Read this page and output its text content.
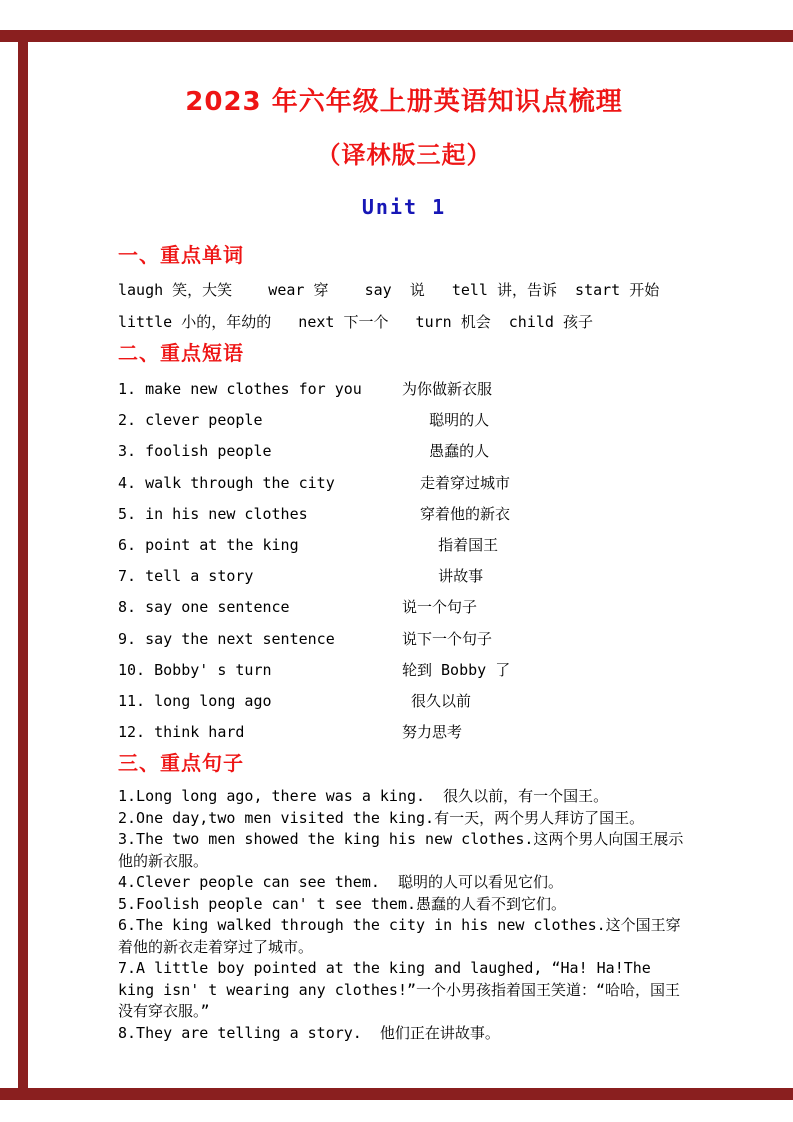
2023 年六年级上册英语知识点梳理
（译林版三起）
Unit 1
一、重点单词
laugh 笑，大笑    wear 穿    say  说   tell 讲，告诉  start 开始
little 小的，年幼的   next 下一个   turn 机会  child 孩子
二、重点短语
1. make new clothes for you	为你做新衣服
2. clever people	聪明的人
3. foolish people	愚蠢的人
4. walk through the city	走着穿过城市
5. in his new clothes	穿着他的新衣
6. point at the king	指着国王
7. tell a story	讲故事
8. say one sentence	说一个句子
9. say the next sentence	说下一个句子
10. Bobby' s turn	轮到 Bobby 了
11. long long ago	很久以前
12. think hard	努力思考
三、重点句子

1.Long long ago, there was a king.  很久以前，有一个国王。

2.One day,two men visited the king.有一天，两个男人拜访了国王。

3.The two men showed the king his new clothes.这两个男人向国王展示他的新衣服。

4.Clever people can see them.  聪明的人可以看见它们。

5.Foolish people can' t see them.愚蠢的人看不到它们。

6.The king walked through the city in his new clothes.这个国王穿着他的新衣走着穿过了城市。

7.A little boy pointed at the king and laughed, “Ha! Ha!The king isn' t wearing any clothes!”一个小男孩指着国王笑道：“哈哈，国王没有穿衣服。”

8.They are telling a story.  他们正在讲故事。
